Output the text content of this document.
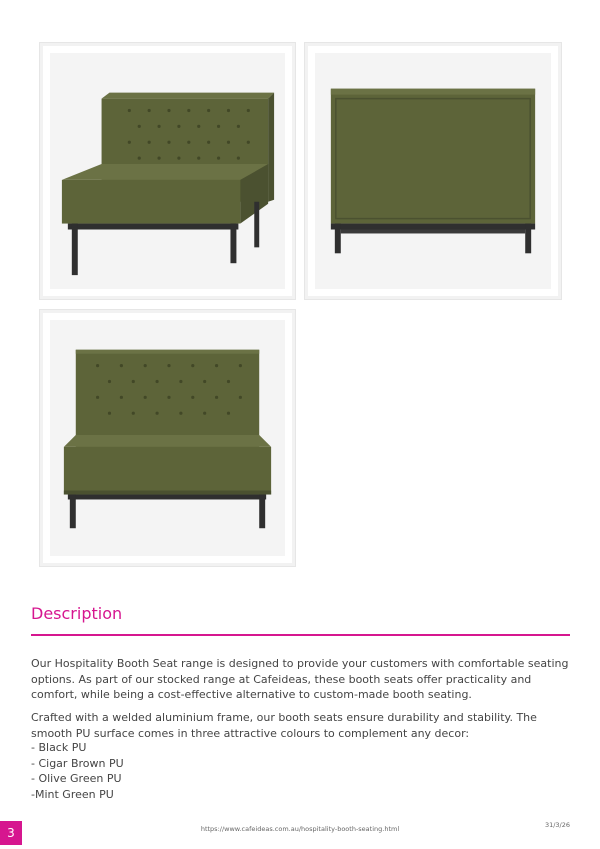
Description

Our Hospitality Booth Seat range is designed to provide your customers with comfortable seating options. As part of our stocked range at Cafeideas, these booth seats offer practicality and comfort, while being a cost-effective alternative to custom-made booth seating.

Crafted with a welded aluminium frame, our booth seats ensure durability and stability. The smooth PU surface comes in three attractive colours to complement any decor:

- Black PU
- Cigar Brown PU
- Olive Green PU
-Mint Green PU
3	https://www.cafeideas.com.au/hospitality-booth-seating.html	31/3/26
